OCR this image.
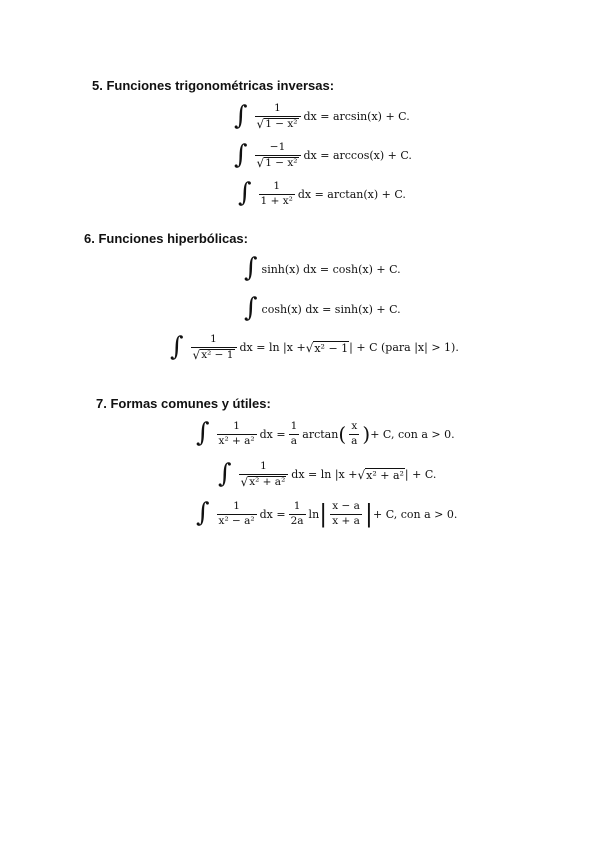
5. Funciones trigonométricas inversas:
∫ $\frac{1}{\text{√ 1 − x²}}$ dx = arcsin(x) + C.
∫ $\frac{-1}{\text{√ 1 − x²}}$ dx = arccos(x) + C.
∫ $\frac{1}{\text{1 + x²}}$ dx = arctan(x) + C.
6. Funciones hiperbólicas:
∫ sinh(x) dx = cosh(x) + C.
∫ cosh(x) dx = sinh(x) + C.
∫ $\frac{1}{\text{√ x² − 1}}$ dx = ln |x + √ x² − 1 | + C (para |x| > 1).
7. Formas comunes y útiles:
∫ $\frac{1}{\text{x² + a²}}$ dx = $\frac{1}{a}$ arctan ( $\frac{x}{a}$ ) + C, con a > 0.
∫ $\frac{1}{\text{√ x² + a²}}$ dx = ln |x + √ x² + a² | + C.
∫ $\frac{1}{\text{x² − a²}}$ dx = $\frac{1}{2a}$ ln | $\frac{x - a}{x + a}$ | + C, con a > 0.
